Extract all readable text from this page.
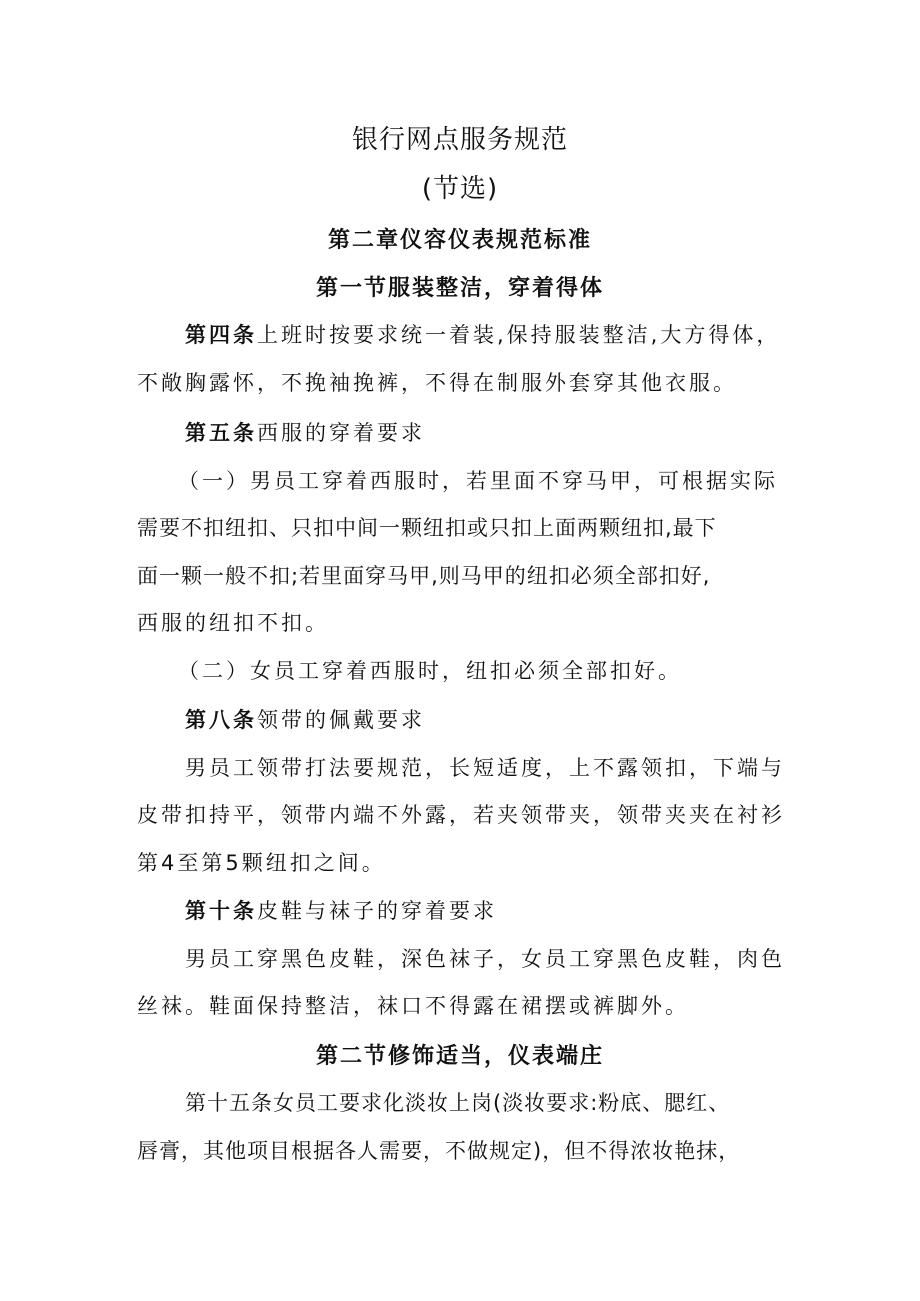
银行网点服务规范
(节选)
第二章仪容仪表规范标准
第一节服装整洁，穿着得体
第四条上班时按要求统一着装,保持服装整洁,大方得体，
不敞胸露怀，不挽袖挽裤，不得在制服外套穿其他衣服。
第五条西服的穿着要求
（一）男员工穿着西服时，若里面不穿马甲，可根据实际
需要不扣纽扣、只扣中间一颗纽扣或只扣上面两颗纽扣,最下
面一颗一般不扣;若里面穿马甲,则马甲的纽扣必须全部扣好,
西服的纽扣不扣。
（二）女员工穿着西服时，纽扣必须全部扣好。
第八条领带的佩戴要求
男员工领带打法要规范，长短适度，上不露领扣，下端与
皮带扣持平，领带内端不外露，若夹领带夹，领带夹夹在衬衫
第4至第5颗纽扣之间。
第十条皮鞋与袜子的穿着要求
男员工穿黑色皮鞋，深色袜子，女员工穿黑色皮鞋，肉色
丝袜。鞋面保持整洁，袜口不得露在裙摆或裤脚外。
第二节修饰适当，仪表端庄
第十五条女员工要求化淡妆上岗(淡妆要求:粉底、腮红、
唇膏，其他项目根据各人需要，不做规定)，但不得浓妆艳抹，
